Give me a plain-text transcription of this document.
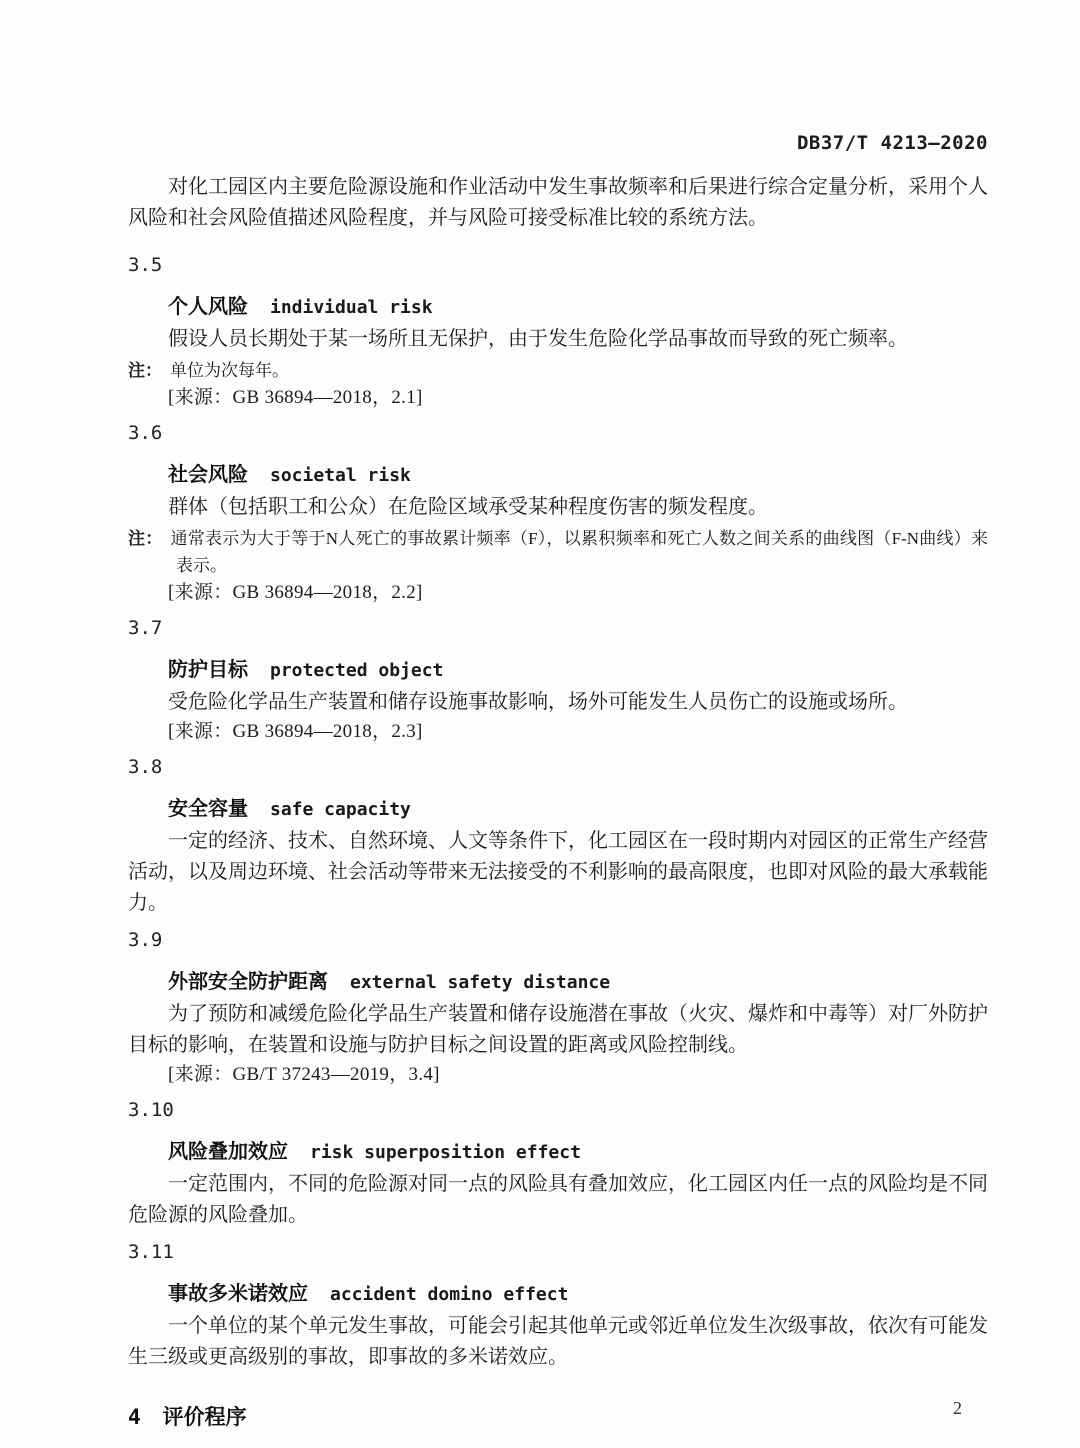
DB37/T 4213—2020

对化工园区内主要危险源设施和作业活动中发生事故频率和后果进行综合定量分析，采用个人风险和社会风险值描述风险程度，并与风险可接受标准比较的系统方法。

3.5
个人风险 individual risk
假设人员长期处于某一场所且无保护，由于发生危险化学品事故而导致的死亡频率。
注： 单位为次每年。
[来源：GB 36894—2018，2.1]
3.6
社会风险 societal risk
群体（包括职工和公众）在危险区域承受某种程度伤害的频发程度。
注： 通常表示为大于等于N人死亡的事故累计频率（F），以累积频率和死亡人数之间关系的曲线图（F-N曲线）来表示。
[来源：GB 36894—2018，2.2]
3.7
防护目标 protected object
受危险化学品生产装置和储存设施事故影响，场外可能发生人员伤亡的设施或场所。
[来源：GB 36894—2018，2.3]
3.8
安全容量 safe capacity
一定的经济、技术、自然环境、人文等条件下，化工园区在一段时期内对园区的正常生产经营活动，以及周边环境、社会活动等带来无法接受的不利影响的最高限度，也即对风险的最大承载能力。
3.9
外部安全防护距离 external safety distance
为了预防和减缓危险化学品生产装置和储存设施潜在事故（火灾、爆炸和中毒等）对厂外防护目标的影响，在装置和设施与防护目标之间设置的距离或风险控制线。
[来源：GB/T 37243—2019，3.4]
3.10
风险叠加效应 risk superposition effect
一定范围内，不同的危险源对同一点的风险具有叠加效应，化工园区内任一点的风险均是不同危险源的风险叠加。
3.11
事故多米诺效应 accident domino effect
一个单位的某个单元发生事故，可能会引起其他单元或邻近单位发生次级事故，依次有可能发生三级或更高级别的事故，即事故的多米诺效应。
4 评价程序	2
